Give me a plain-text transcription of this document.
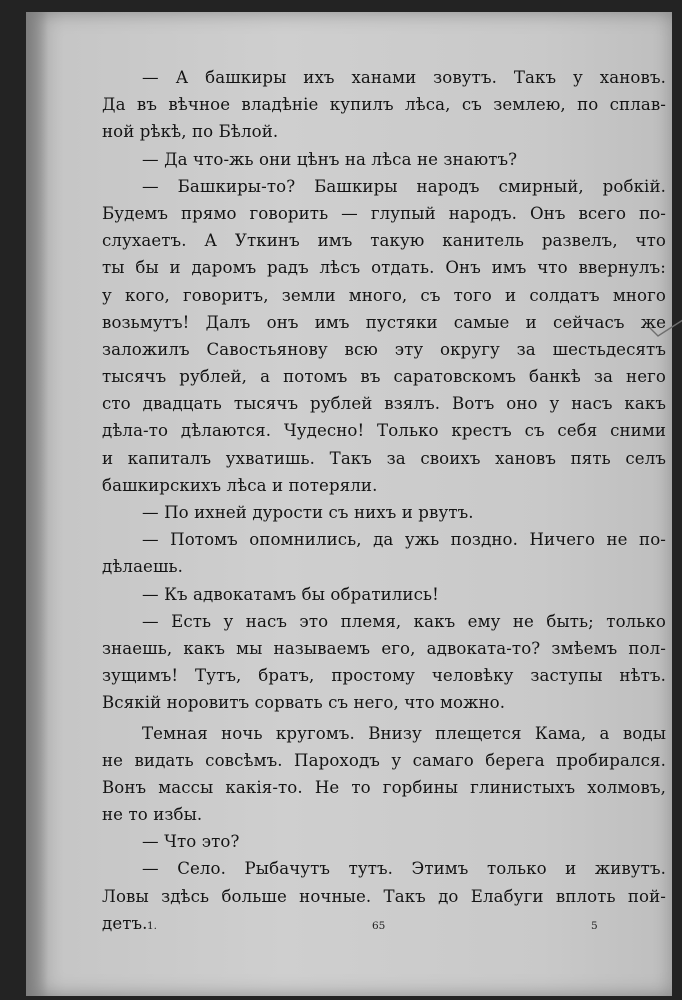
— А башкиры ихъ ханами зовутъ. Такъ у хановъ.
Да въ вѣчное владѣніе купилъ лѣса, съ землею, по сплав-
ной рѣкѣ, по Бѣлой.
— Да что-жь они цѣнъ на лѣса не знаютъ?
— Башкиры-то? Башкиры народъ смирный, робкій.
Будемъ прямо говорить — глупый народъ. Онъ всего по-
слухаетъ. А Уткинъ имъ такую канитель развелъ, что
ты бы и даромъ радъ лѣсъ отдать. Онъ имъ что ввернулъ:
у кого, говоритъ, земли много, съ того и солдатъ много
возьмутъ! Далъ онъ имъ пустяки самые и сейчасъ же
заложилъ Савостьянову всю эту округу за шестьдесятъ
тысячъ рублей, а потомъ въ саратовскомъ банкѣ за него
сто двадцать тысячъ рублей взялъ. Вотъ оно у насъ какъ
дѣла-то дѣлаются. Чудесно! Только крестъ съ себя сними
и капиталъ ухватишь. Такъ за своихъ хановъ пять селъ
башкирскихъ лѣса и потеряли.
— По ихней дурости съ нихъ и рвутъ.
— Потомъ опомнились, да ужь поздно. Ничего не по-
дѣлаешь.
— Къ адвокатамъ бы обратились!
— Есть у насъ это племя, какъ ему не быть; только
знаешь, какъ мы называемъ его, адвоката-то? змѣемъ пол-
зущимъ! Тутъ, братъ, простому человѣку заступы нѣтъ.
Всякій норовитъ сорвать съ него, что можно.
Темная ночь кругомъ. Внизу плещется Кама, а воды
не видать совсѣмъ. Пароходъ у самаго берега пробирался.
Вонъ массы какія-то. Не то горбины глинистыхъ холмовъ,
не то избы.
— Что это?
— Село. Рыбачутъ тутъ. Этимъ только и живутъ.
Ловы здѣсь больше ночные. Такъ до Елабуги вплоть пой-
детъ. 1.	65	5
